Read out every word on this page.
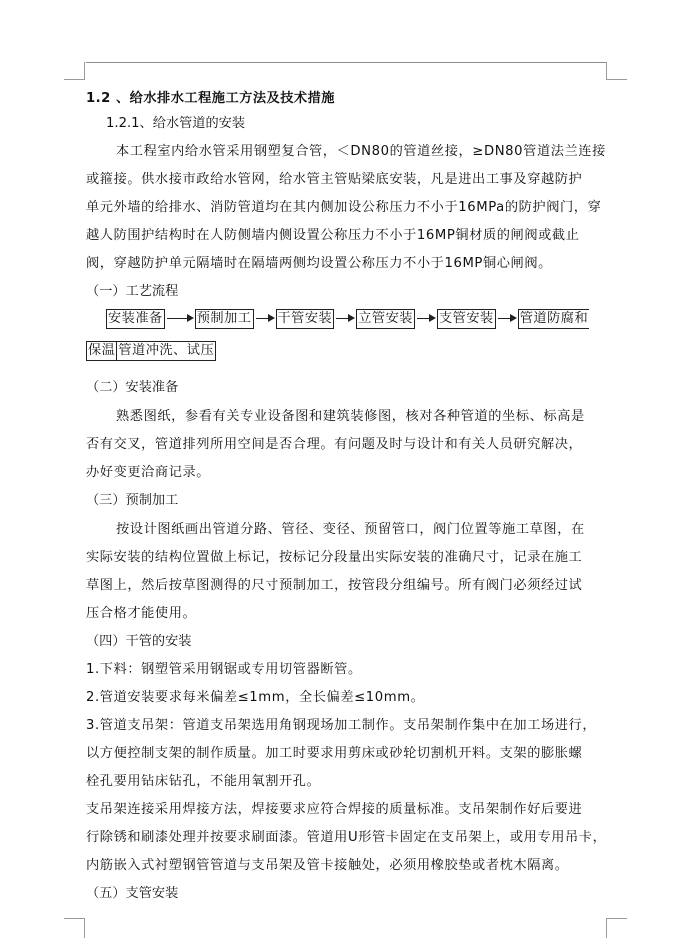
1.2 、给水排水工程施工方法及技术措施
1.2.1、给水管道的安装
本工程室内给水管采用钢塑复合管，＜DN80的管道丝接，≥DN80管道法兰连接
或箍接。供水接市政给水管网，给水管主管贴梁底安装，凡是进出工事及穿越防护
单元外墙的给排水、消防管道均在其内侧加设公称压力不小于16MPa的防护阀门，穿
越人防围护结构时在人防侧墙内侧设置公称压力不小于16MP铜材质的闸阀或截止
阀，穿越防护单元隔墙时在隔墙两侧均设置公称压力不小于16MP铜心闸阀。
（一）工艺流程
安装准备	预制加工 干管安装 立管安装 支管安装 管道防腐和
保温 管道冲洗、试压
（二）安装准备
熟悉图纸，参看有关专业设备图和建筑装修图，核对各种管道的坐标、标高是
否有交叉，管道排列所用空间是否合理。有问题及时与设计和有关人员研究解决，
办好变更洽商记录。
（三）预制加工
按设计图纸画出管道分路、管径、变径、预留管口，阀门位置等施工草图，在
实际安装的结构位置做上标记，按标记分段量出实际安装的准确尺寸，记录在施工
草图上，然后按草图测得的尺寸预制加工，按管段分组编号。所有阀门必须经过试
压合格才能使用。
（四）干管的安装
1.下料：钢塑管采用钢锯或专用切管器断管。
2.管道安装要求每米偏差≤1mm，全长偏差≤10mm。
3.管道支吊架：管道支吊架选用角钢现场加工制作。支吊架制作集中在加工场进行，
以方便控制支架的制作质量。加工时要求用剪床或砂轮切割机开料。支架的膨胀螺
栓孔要用钻床钻孔，不能用氧割开孔。
支吊架连接采用焊接方法，焊接要求应符合焊接的质量标准。支吊架制作好后要进
行除锈和刷漆处理并按要求刷面漆。管道用U形管卡固定在支吊架上，或用专用吊卡，
内筋嵌入式衬塑钢管管道与支吊架及管卡接触处，必须用橡胶垫或者枕木隔离。
（五）支管安装
